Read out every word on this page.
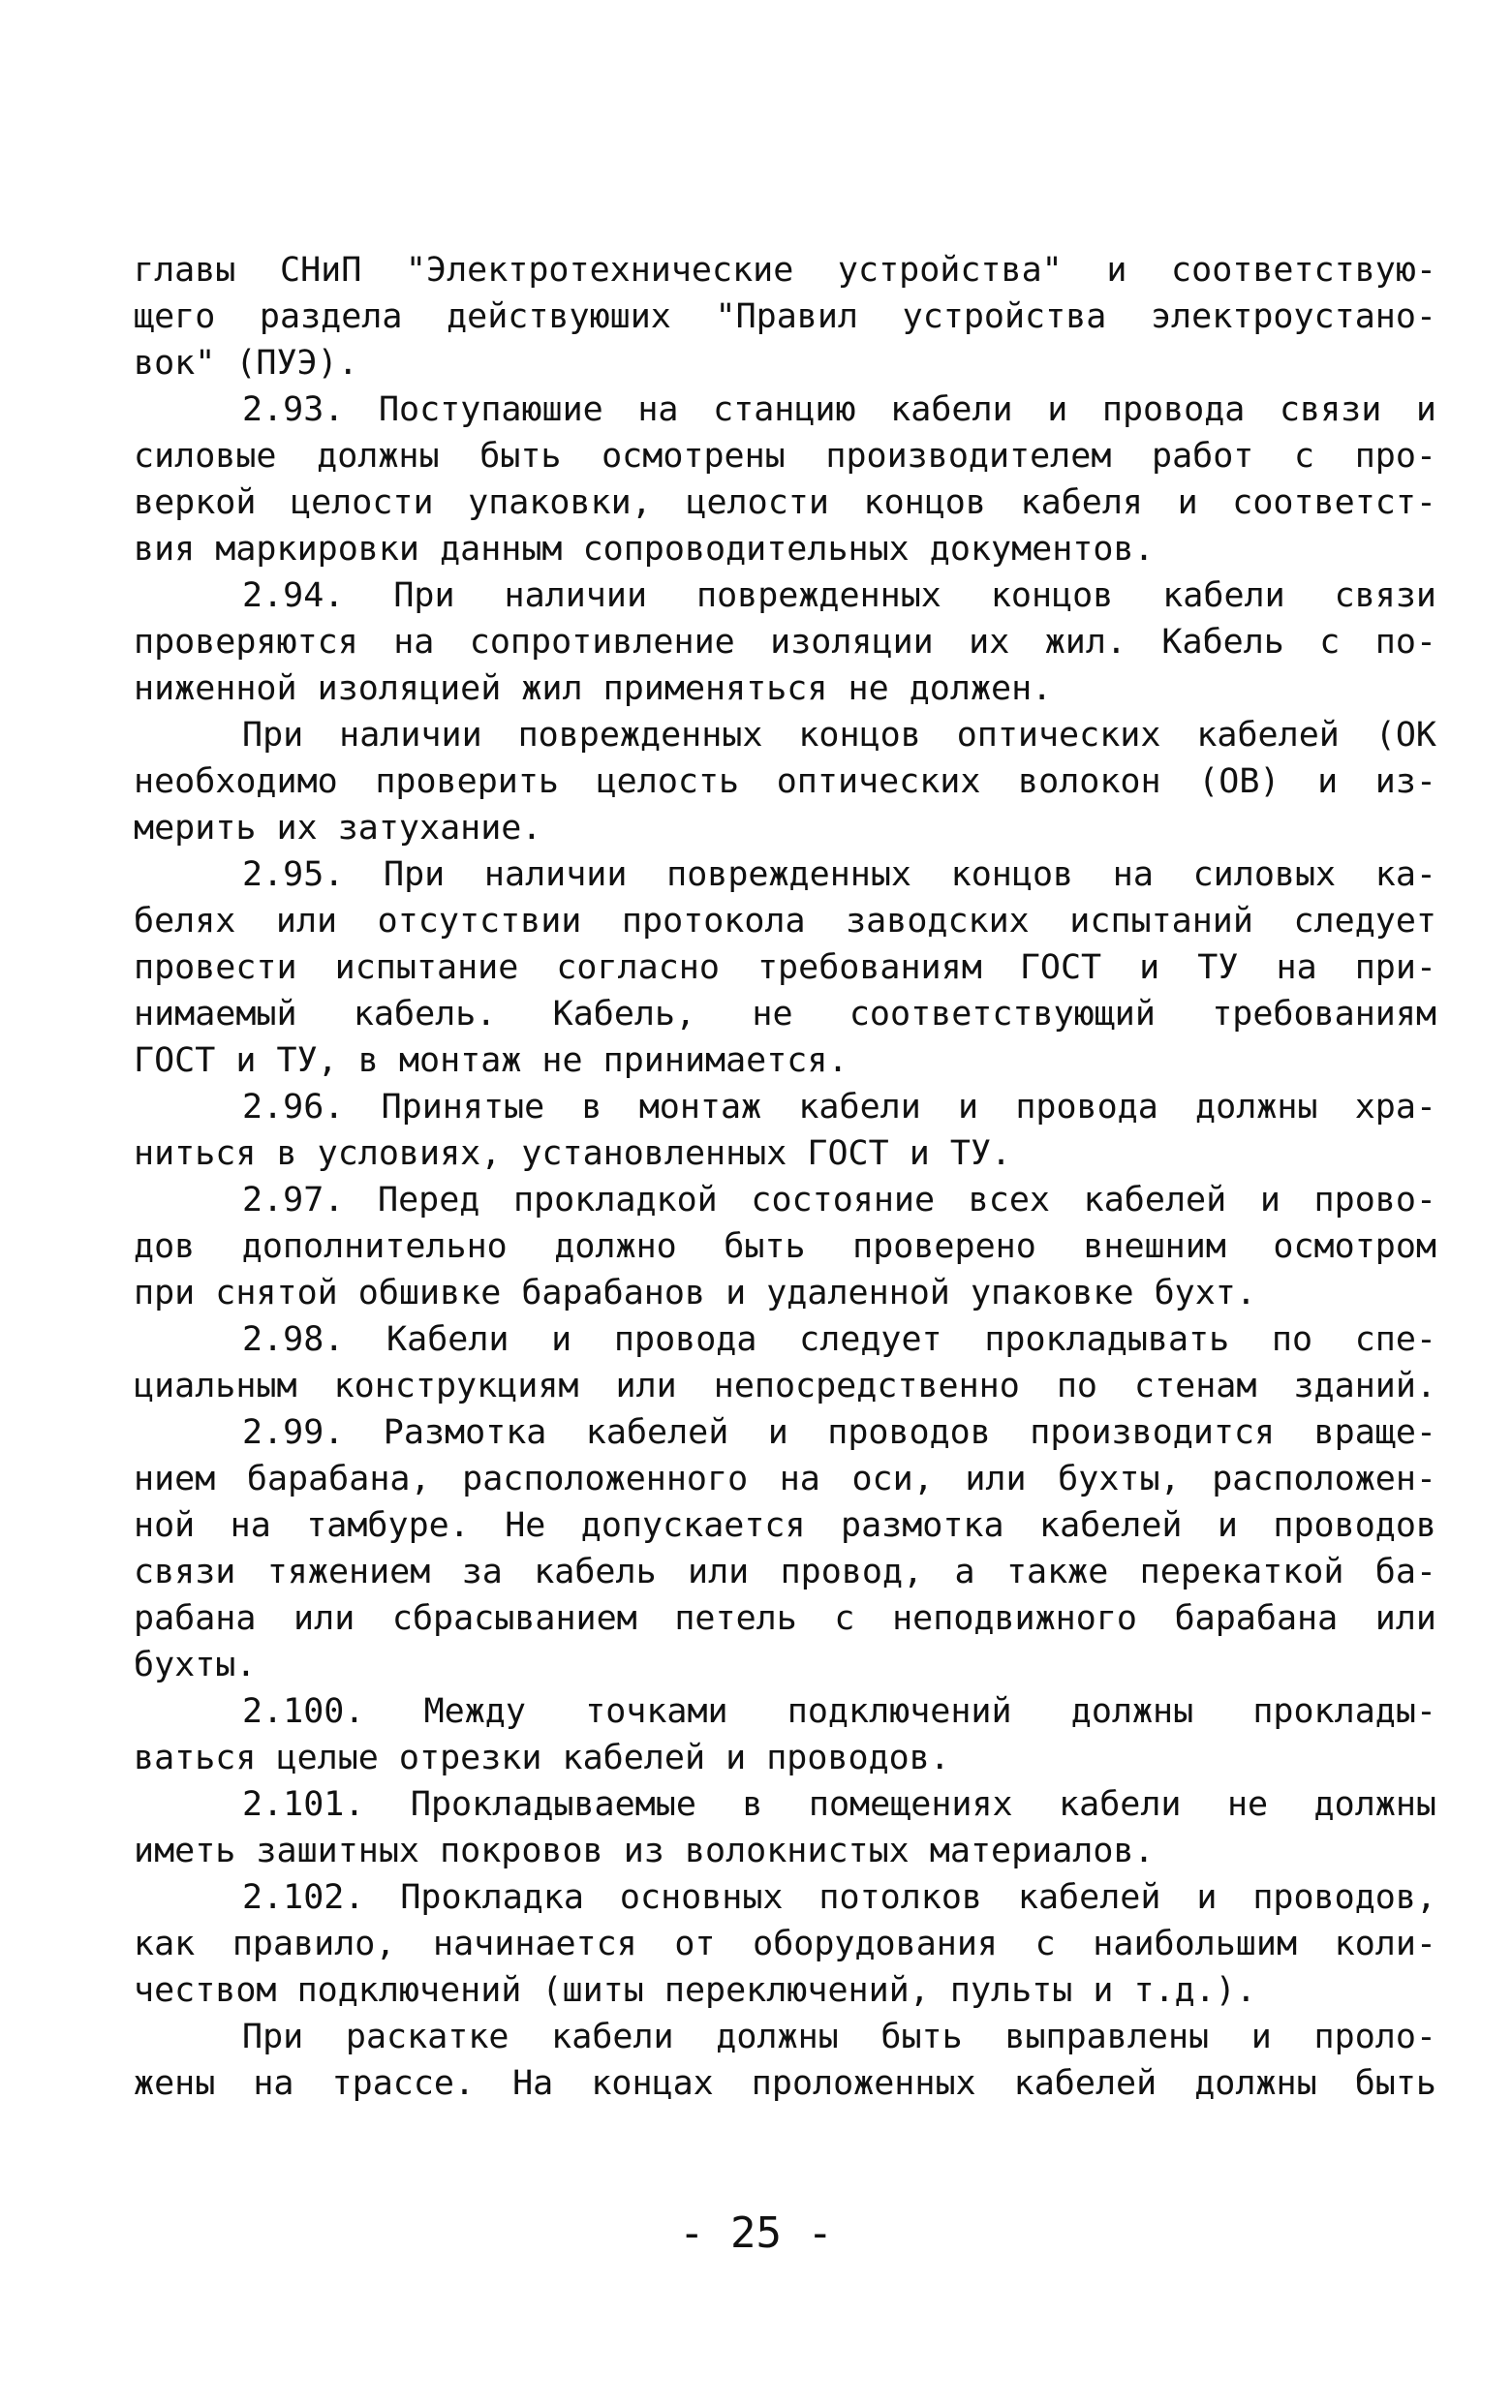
главы СНиП "Электротехнические устройства" и соответствую-
щего раздела действуюших "Правил устройства электроустано-
вок" (ПУЭ).
2.93. Поступаюшие на станцию кабели и провода связи и
силовые должны быть осмотрены производителем работ с про-
веркой целости упаковки, целости концов кабеля и соответст-
вия маркировки данным сопроводительных документов.
2.94. При наличии поврежденных концов кабели связи
проверяются на сопротивление изоляции их жил. Кабель с по-
ниженной изоляцией жил применяться не должен.
При наличии поврежденных концов оптических кабелей (ОК
необходимо проверить целость оптических волокон (ОВ) и из-
мерить их затухание.
2.95. При наличии поврежденных концов на силовых ка-
белях или отсутствии протокола заводских испытаний следует
провести испытание согласно требованиям ГОСТ и ТУ на при-
нимаемый кабель. Кабель, не соответствующий требованиям
ГОСТ и ТУ, в монтаж не принимается.
2.96. Принятые в монтаж кабели и провода должны хра-
ниться в условиях, установленных ГОСТ и ТУ.
2.97. Перед прокладкой состояние всех кабелей и прово-
дов дополнительно должно быть проверено внешним осмотром
при снятой обшивке барабанов и удаленной упаковке бухт.
2.98. Кабели и провода следует прокладывать по спе-
циальным конструкциям или непосредственно по стенам зданий.
2.99. Размотка кабелей и проводов производится враще-
нием барабана, расположенного на оси, или бухты, расположен-
ной на тамбуре. Не допускается размотка кабелей и проводов
связи тяжением за кабель или провод, а также перекаткой ба-
рабана или сбрасыванием петель с неподвижного барабана или
бухты.
2.100. Между точками подключений должны проклады-
ваться целые отрезки кабелей и проводов.
2.101. Прокладываемые в помещениях кабели не должны
иметь зашитных покровов из волокнистых материалов.
2.102. Прокладка основных потолков кабелей и проводов,
как правило, начинается от оборудования с наибольшим коли-
чеством подключений (шиты переключений, пульты и т.д.).
При раскатке кабели должны быть выправлены и проло-
жены на трассе. На концах проложенных кабелей должны быть
- 25 -
